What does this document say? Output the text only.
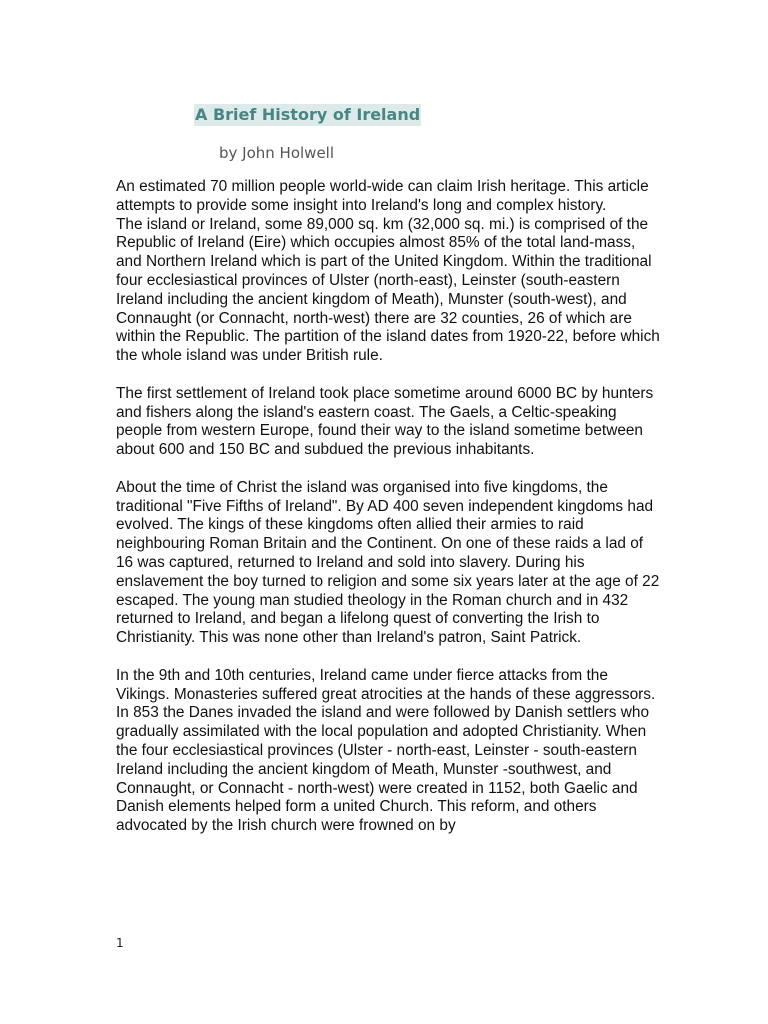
A Brief History of Ireland
by John Holwell

An estimated 70 million people world-wide can claim Irish heritage. This article attempts to provide some insight into Ireland's long and complex history.

The island or Ireland, some 89,000 sq. km (32,000 sq. mi.) is comprised of the Republic of Ireland (Eire) which occupies almost 85% of the total land-mass, and Northern Ireland which is part of the United Kingdom. Within the traditional four ecclesiastical provinces of Ulster (north-east), Leinster (south-eastern Ireland including the ancient kingdom of Meath), Munster (south-west), and Connaught (or Connacht, north-west) there are 32 counties, 26 of which are within the Republic. The partition of the island dates from 1920-22, before which the whole island was under British rule.

The first settlement of Ireland took place sometime around 6000 BC by hunters and fishers along the island's eastern coast. The Gaels, a Celtic-speaking people from western Europe, found their way to the island sometime between about 600 and 150 BC and subdued the previous inhabitants.

About the time of Christ the island was organised into five kingdoms, the traditional "Five Fifths of Ireland". By AD 400 seven independent kingdoms had evolved. The kings of these kingdoms often allied their armies to raid neighbouring Roman Britain and the Continent. On one of these raids a lad of 16 was captured, returned to Ireland and sold into slavery. During his enslavement the boy turned to religion and some six years later at the age of 22 escaped. The young man studied theology in the Roman church and in 432 returned to Ireland, and began a lifelong quest of converting the Irish to Christianity. This was none other than Ireland's patron, Saint Patrick.

In the 9th and 10th centuries, Ireland came under fierce attacks from the Vikings. Monasteries suffered great atrocities at the hands of these aggressors. In 853 the Danes invaded the island and were followed by Danish settlers who gradually assimilated with the local population and adopted Christianity. When the four ecclesiastical provinces (Ulster - north-east, Leinster - south-eastern Ireland including the ancient kingdom of Meath, Munster -southwest, and Connaught, or Connacht - north-west) were created in 1152, both Gaelic and Danish elements helped form a united Church. This reform, and others advocated by the Irish church were frowned on by

1
